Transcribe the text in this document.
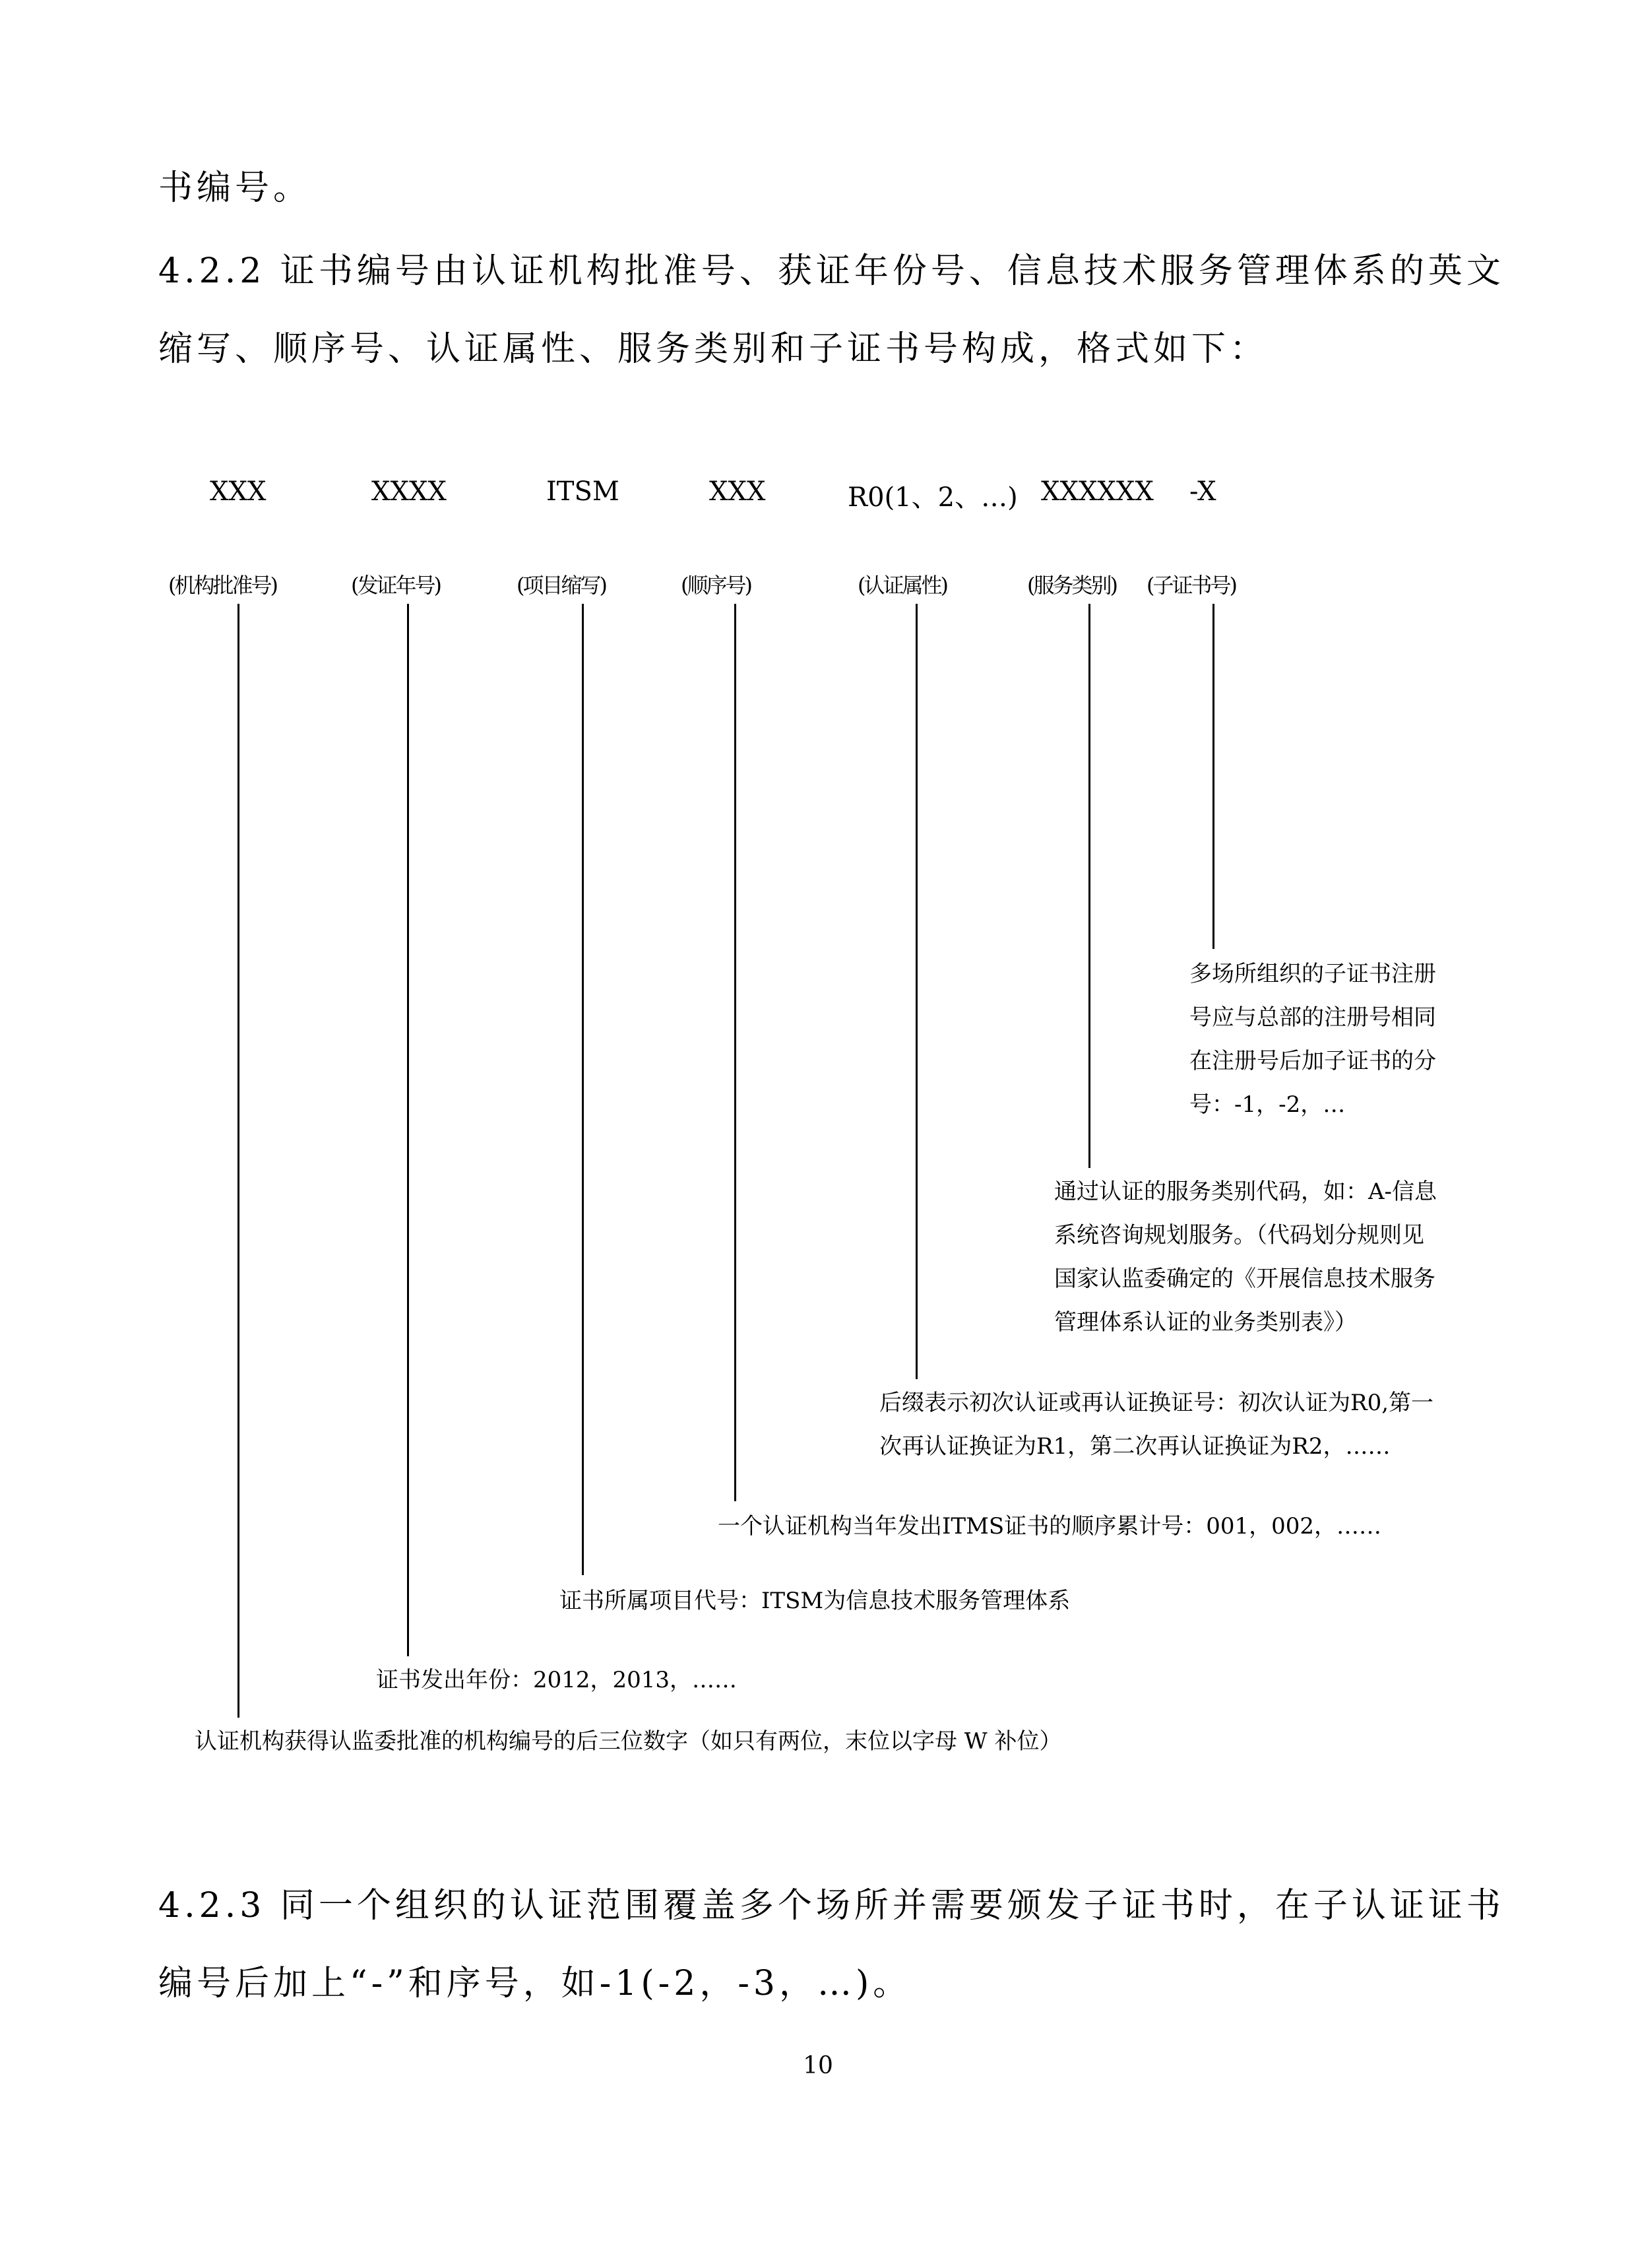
书编号。

4.2.2 证书编号由认证机构批准号、获证年份号、信息技术服务管理体系的英文

缩写、顺序号、认证属性、服务类别和子证书号构成，格式如下：

XXX	XXXX	ITSM	XXX	R0(1、2、…) XXXXXX -X
(机构批准号)	(发证年号)	(项目缩写)	(顺序号)	(认证属性)	(服务类别) (子证书号)
多场所组织的子证书注册
号应与总部的注册号相同
在注册号后加子证书的分
号：-1，-2，…
通过认证的服务类别代码，如：A-信息
系统咨询规划服务。（代码划分规则见
国家认监委确定的《开展信息技术服务
管理体系认证的业务类别表》）
后缀表示初次认证或再认证换证号：初次认证为R0,第一
次再认证换证为R1，第二次再认证换证为R2，……
一个认证机构当年发出ITMS证书的顺序累计号：001，002，……
证书所属项目代号：ITSM为信息技术服务管理体系
证书发出年份：2012，2013，……
认证机构获得认监委批准的机构编号的后三位数字（如只有两位，末位以字母 W 补位）

4.2.3 同一个组织的认证范围覆盖多个场所并需要颁发子证书时，在子认证证书

编号后加上“-”和序号，如-1(-2，-3，…)。

10
